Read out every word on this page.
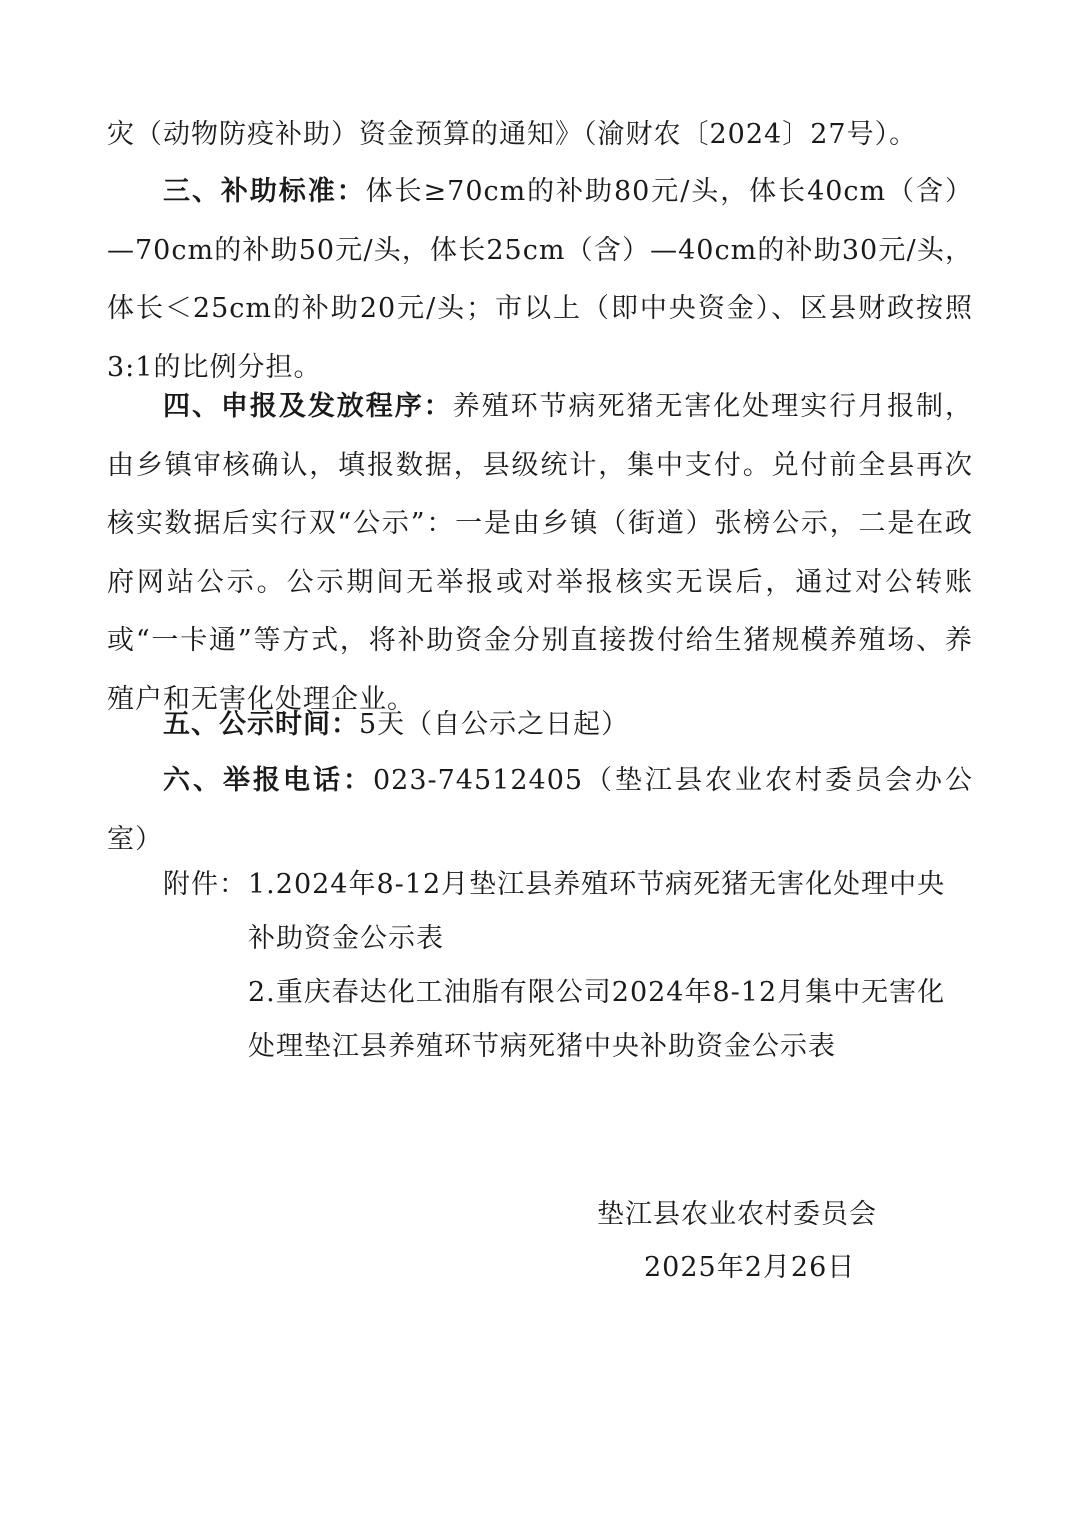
灾（动物防疫补助）资金预算的通知》（渝财农〔2024〕27号）。

三、补助标准：体长≥70cm的补助80元/头，体长40cm（含）—70cm的补助50元/头，体长25cm（含）—40cm的补助30元/头，体长＜25cm的补助20元/头；市以上（即中央资金）、区县财政按照3:1的比例分担。

四、申报及发放程序：养殖环节病死猪无害化处理实行月报制，由乡镇审核确认，填报数据，县级统计，集中支付。兑付前全县再次核实数据后实行双“公示”：一是由乡镇（街道）张榜公示，二是在政府网站公示。公示期间无举报或对举报核实无误后，通过对公转账或“一卡通”等方式，将补助资金分别直接拨付给生猪规模养殖场、养殖户和无害化处理企业。

五、公示时间：5天（自公示之日起）

六、举报电话：023-74512405（垫江县农业农村委员会办公室）

附件： 1.2024年8-12月垫江县养殖环节病死猪无害化处理中央
补助资金公示表
2.重庆春达化工油脂有限公司2024年8-12月集中无害化
处理垫江县养殖环节病死猪中央补助资金公示表
垫江县农业农村委员会
2025年2月26日
